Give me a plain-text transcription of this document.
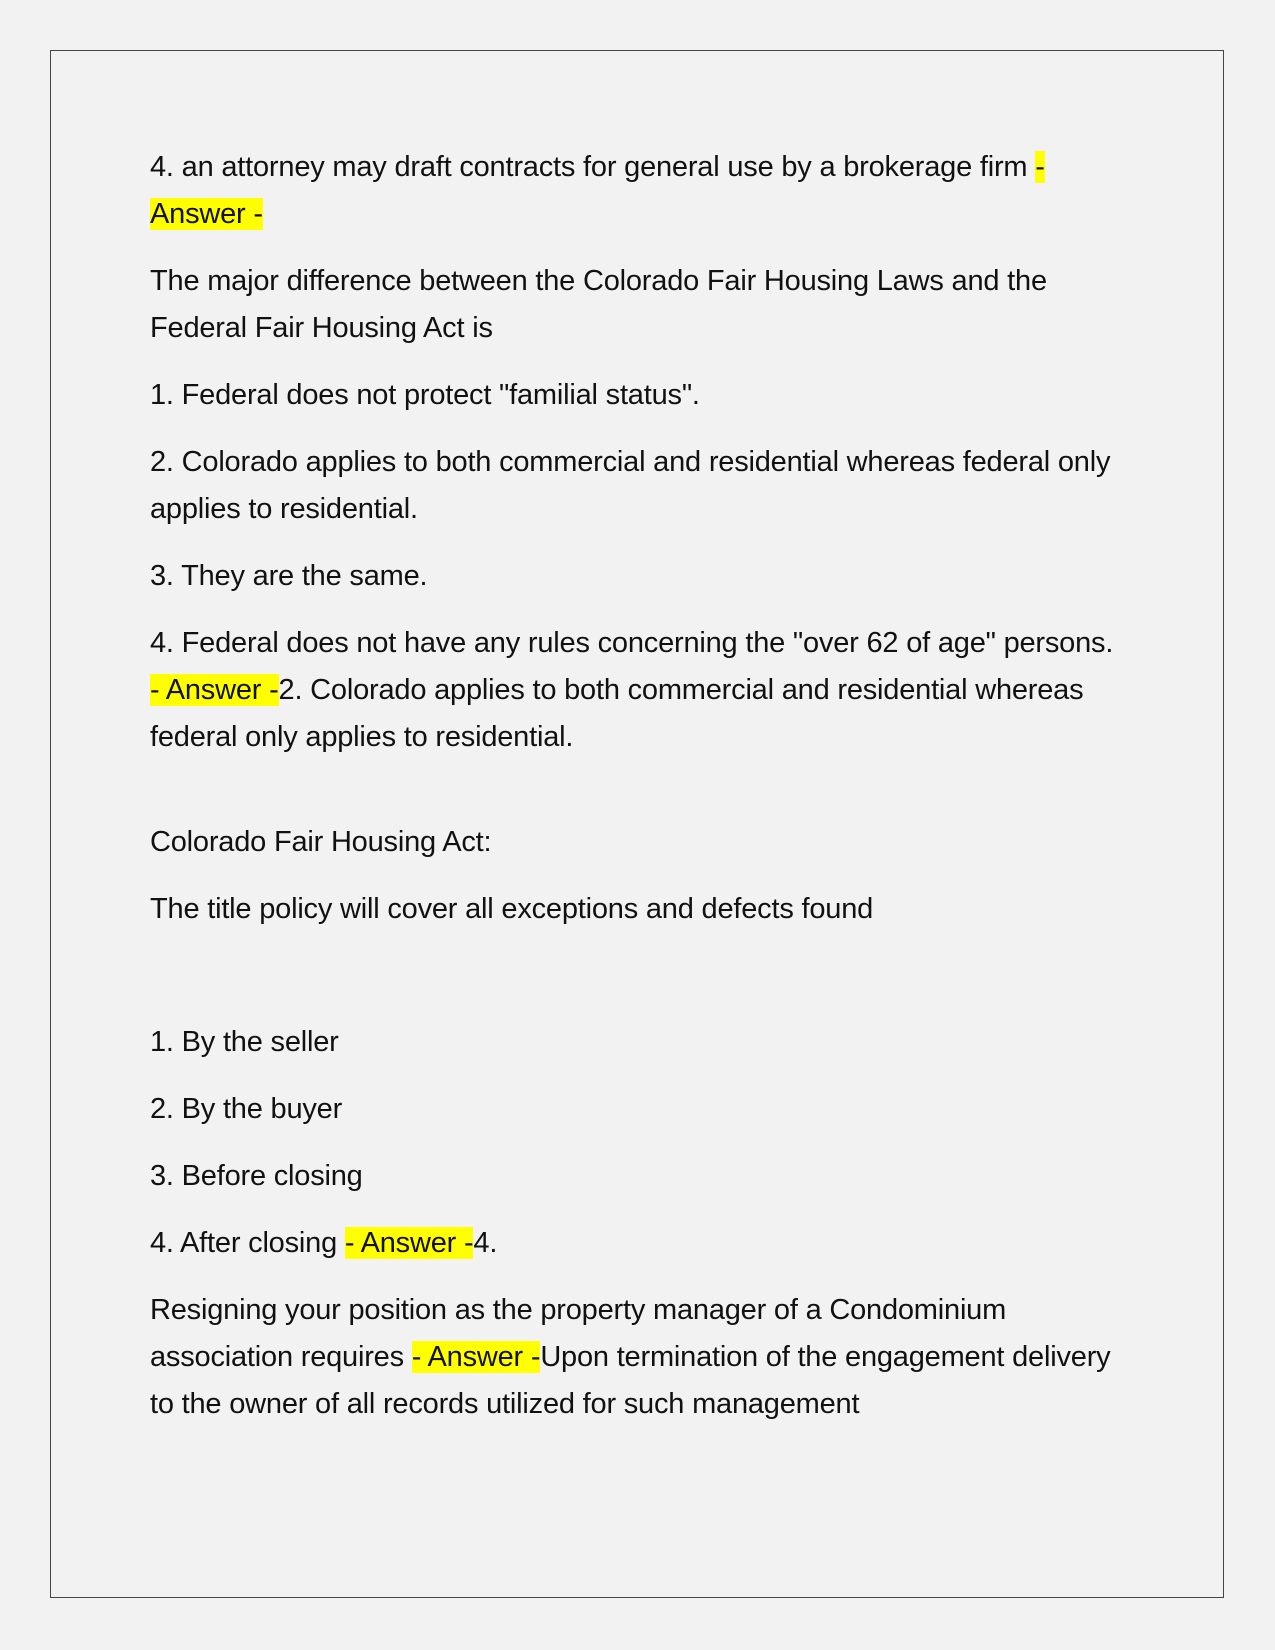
4. an attorney may draft contracts for general use by a brokerage firm - Answer -

The major difference between the Colorado Fair Housing Laws and the Federal Fair Housing Act is

1. Federal does not protect "familial status".

2. Colorado applies to both commercial and residential whereas federal only applies to residential.

3. They are the same.

4. Federal does not have any rules concerning the "over 62 of age" persons. - Answer -2. Colorado applies to both commercial and residential whereas federal only applies to residential.

Colorado Fair Housing Act:

The title policy will cover all exceptions and defects found

1. By the seller

2. By the buyer

3. Before closing

4. After closing - Answer -4.

Resigning your position as the property manager of a Condominium association requires - Answer -Upon termination of the engagement delivery to the owner of all records utilized for such management
